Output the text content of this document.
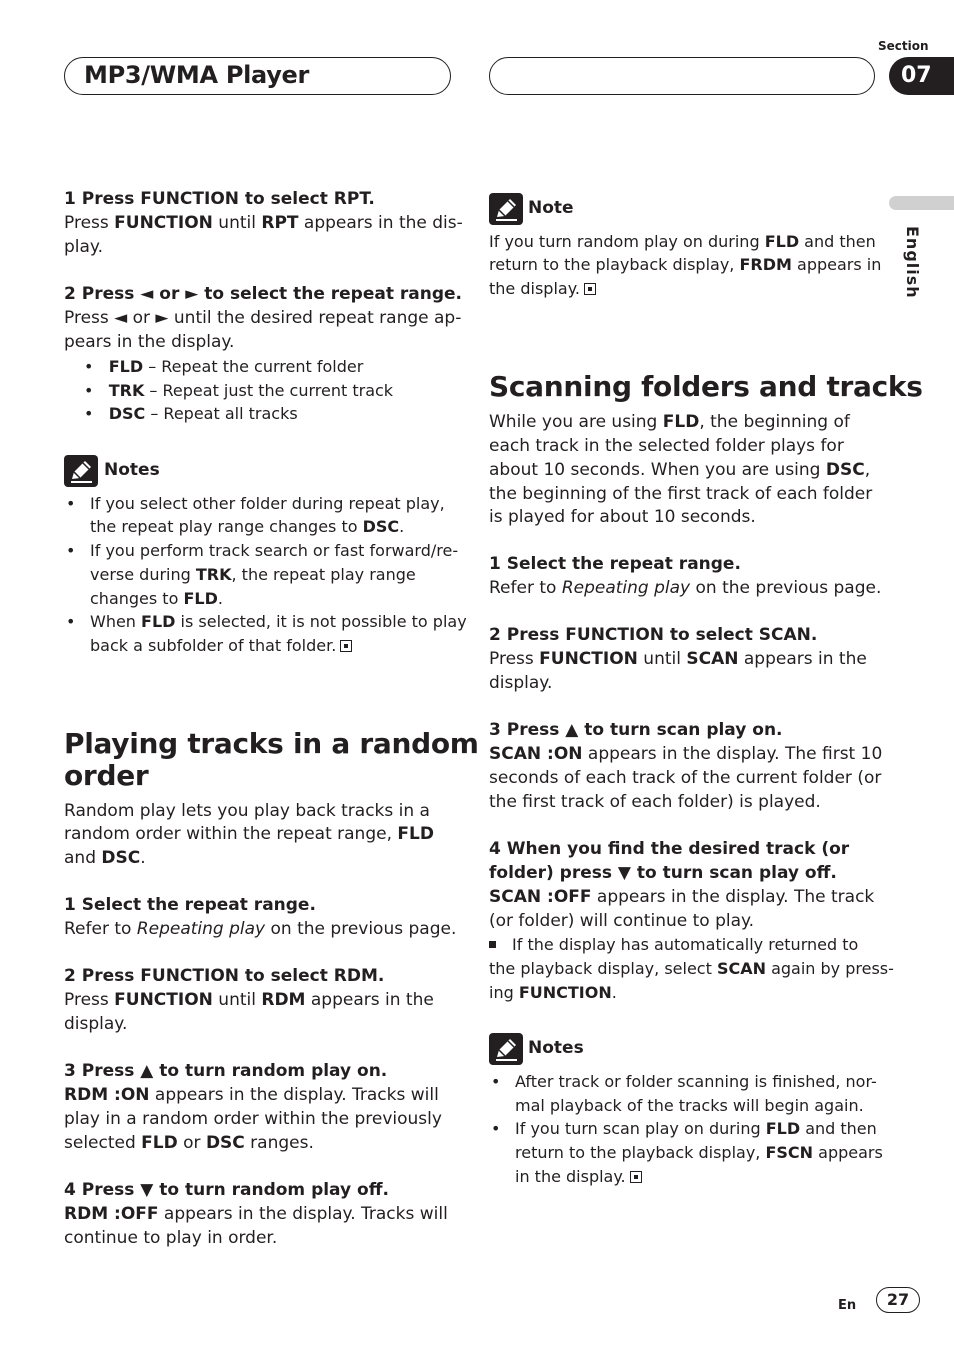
MP3/WMA Player
Section
07
English
1 Press FUNCTION to select RPT.
Press FUNCTION until RPT appears in the dis-
play.
2 Press ◄ or ► to select the repeat range.
Press ◄ or ► until the desired repeat range ap-
pears in the display.
•   FLD – Repeat the current folder
•   TRK – Repeat just the current track
•   DSC – Repeat all tracks
Notes
• If you select other folder during repeat play,
the repeat play range changes to DSC.
• If you perform track search or fast forward/re-
verse during TRK, the repeat play range
changes to FLD.
• When FLD is selected, it is not possible to play
back a subfolder of that folder.
Playing tracks in a random
order
Random play lets you play back tracks in a
random order within the repeat range, FLD
and DSC.
1 Select the repeat range.
Refer to Repeating play on the previous page.
2 Press FUNCTION to select RDM.
Press FUNCTION until RDM appears in the
display.
3 Press ▲ to turn random play on.
RDM :ON appears in the display. Tracks will
play in a random order within the previously
selected FLD or DSC ranges.
4 Press ▼ to turn random play off.
RDM :OFF appears in the display. Tracks will
continue to play in order.
Note
If you turn random play on during FLD and then
return to the playback display, FRDM appears in
the display.
Scanning folders and tracks
While you are using FLD, the beginning of
each track in the selected folder plays for
about 10 seconds. When you are using DSC,
the beginning of the first track of each folder
is played for about 10 seconds.
1 Select the repeat range.
Refer to Repeating play on the previous page.
2 Press FUNCTION to select SCAN.
Press FUNCTION until SCAN appears in the
display.
3 Press ▲ to turn scan play on.
SCAN :ON appears in the display. The first 10
seconds of each track of the current folder (or
the first track of each folder) is played.
4 When you find the desired track (or
folder) press ▼ to turn scan play off.
SCAN :OFF appears in the display. The track
(or folder) will continue to play.
If the display has automatically returned to
the playback display, select SCAN again by press-
ing FUNCTION.
Notes
• After track or folder scanning is finished, nor-
mal playback of the tracks will begin again.
• If you turn scan play on during FLD and then
return to the playback display, FSCN appears
in the display.
En	27
